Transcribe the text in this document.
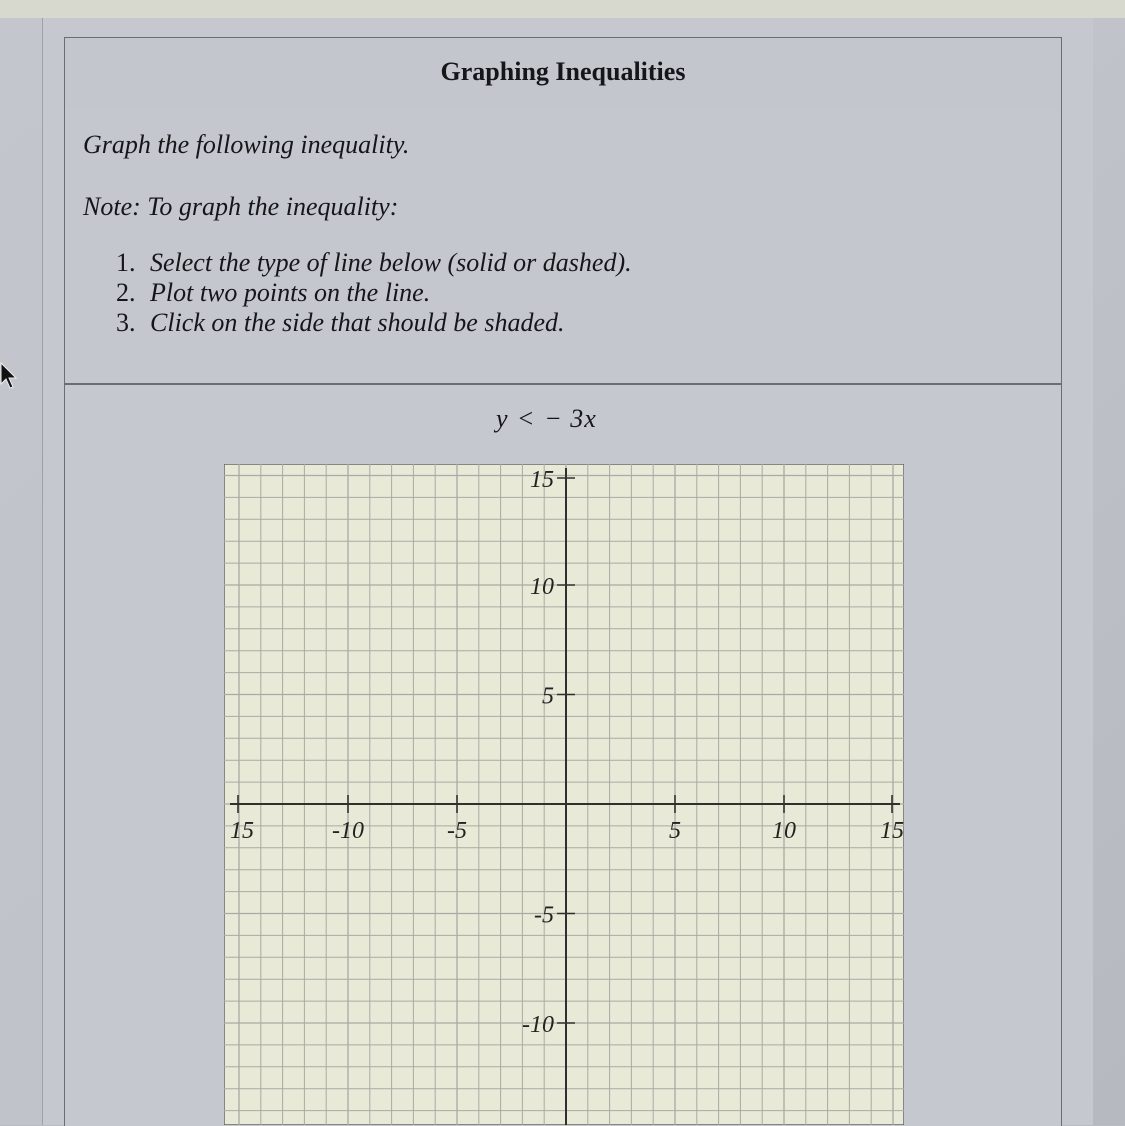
Graphing Inequalities
Graph the following inequality.
Note: To graph the inequality:
1. Select the type of line below (solid or dashed).
2. Plot two points on the line.
3. Click on the side that should be shaded.
y < − 3x
15	-10	-5	5	10	15
15
10
5
-5
-10
